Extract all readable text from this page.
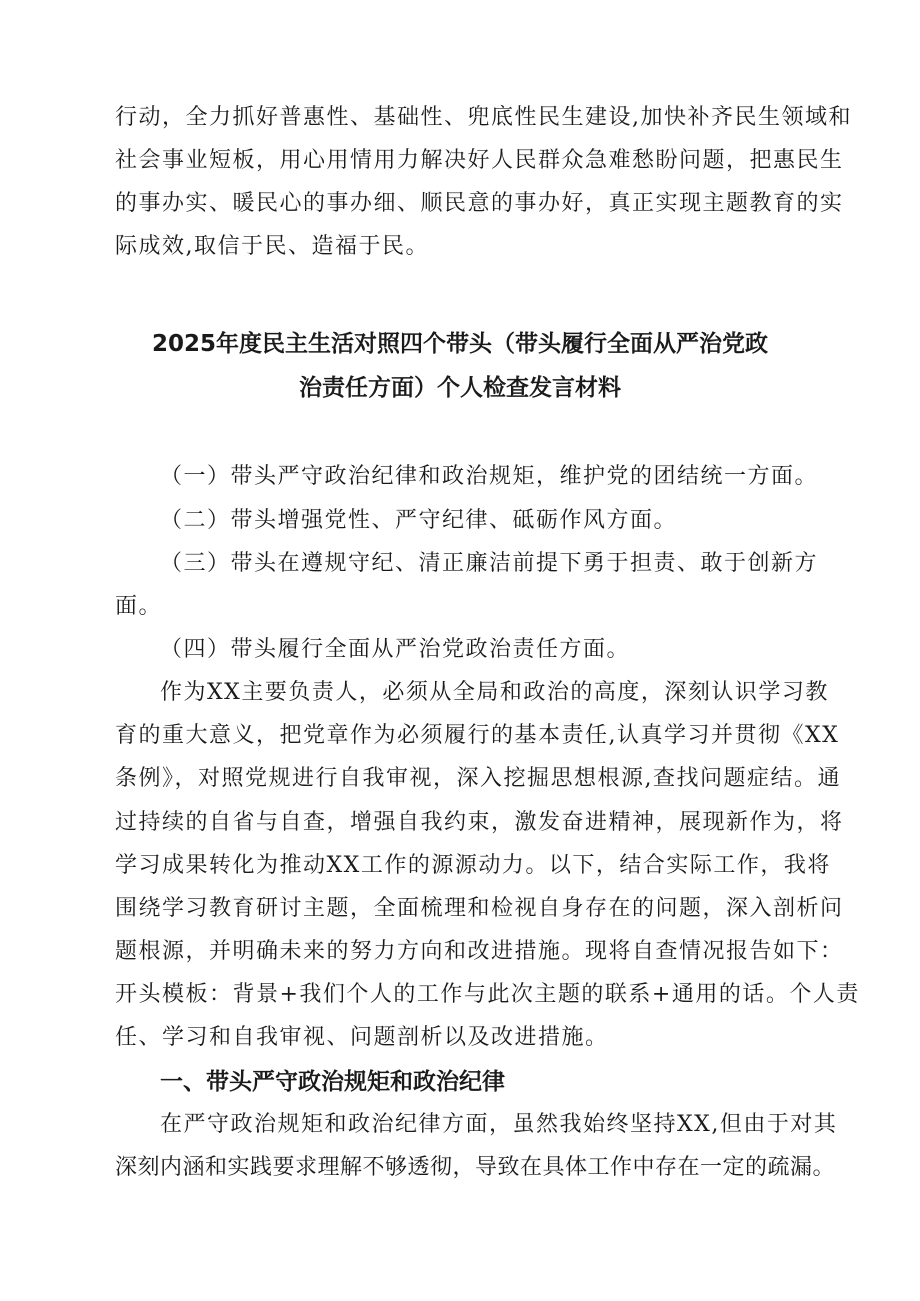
行动，全力抓好普惠性、基础性、兜底性民生建设,加快补齐民生领域和
社会事业短板，用心用情用力解决好人民群众急难愁盼问题，把惠民生
的事办实、暖民心的事办细、顺民意的事办好，真正实现主题教育的实
际成效,取信于民、造福于民。
2025年度民主生活对照四个带头（带头履行全面从严治党政
治责任方面）个人检查发言材料
（一）带头严守政治纪律和政治规矩，维护党的团结统一方面。
（二）带头增强党性、严守纪律、砥砺作风方面。
（三）带头在遵规守纪、清正廉洁前提下勇于担责、敢于创新方
面。
（四）带头履行全面从严治党政治责任方面。
作为XX主要负责人，必须从全局和政治的高度，深刻认识学习教
育的重大意义，把党章作为必须履行的基本责任,认真学习并贯彻《XX
条例》，对照党规进行自我审视，深入挖掘思想根源,查找问题症结。通
过持续的自省与自查，增强自我约束，激发奋进精神，展现新作为，将
学习成果转化为推动XX工作的源源动力。以下，结合实际工作，我将
围绕学习教育研讨主题，全面梳理和检视自身存在的问题，深入剖析问
题根源，并明确未来的努力方向和改进措施。现将自查情况报告如下：
开头模板：背景+我们个人的工作与此次主题的联系+通用的话。个人责
任、学习和自我审视、问题剖析以及改进措施。
一、带头严守政治规矩和政治纪律
在严守政治规矩和政治纪律方面，虽然我始终坚持XX,但由于对其
深刻内涵和实践要求理解不够透彻，导致在具体工作中存在一定的疏漏。
